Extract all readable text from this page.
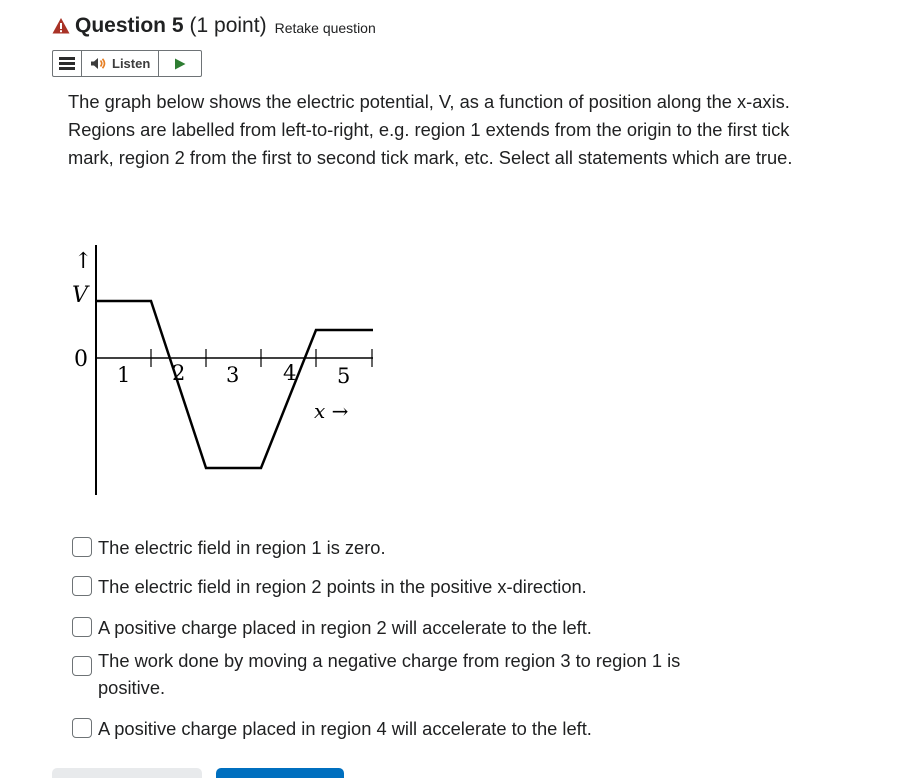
Question 5 (1 point) Retake question
Listen
The graph below shows the electric potential, V, as a function of position along the x-axis. Regions are labelled from left-to-right, e.g. region 1 extends from the origin to the first tick mark, region 2 from the first to second tick mark, etc. Select all statements which are true.
↑
V
0
1 2 3 4 5
x →
The electric field in region 1 is zero.
The electric field in region 2 points in the positive x-direction.
A positive charge placed in region 2 will accelerate to the left.
The work done by moving a negative charge from region 3 to region 1 is positive.
A positive charge placed in region 4 will accelerate to the left.
